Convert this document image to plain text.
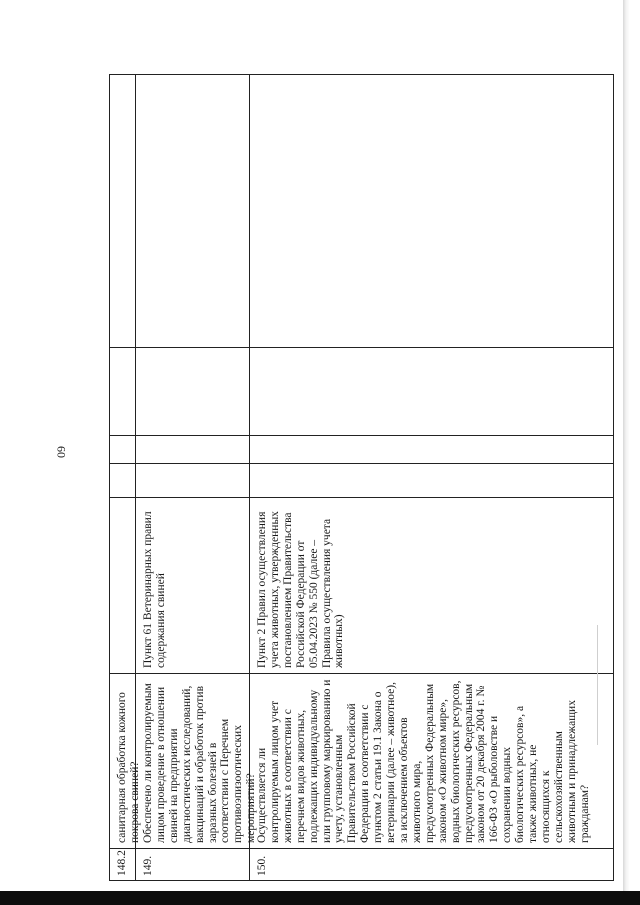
148.2

санитарная обработка кожного покрова свиней?

149.

Обеспечено ли контролируемым лицом проведение в отношении свиней на предприятии диагностических исследований, вакцинаций и обработок против заразных болезней в соответствии с Перечнем противоэпизоотических мероприятий?

Пункт 61 Ветеринарных правил содержания свиней
150.

Осуществляется ли контролируемым лицом учет животных в соответствии с перечнем видов животных, подлежащих индивидуальному или групповому маркированию и учету, установленным Правительством Российской Федерации в соответствии с пунктом 2 статьи 19.1 Закона о ветеринарии (далее – животное), за исключением объектов животного мира, предусмотренных Федеральным законом «О животном мире», водных биологических ресурсов, предусмотренных Федеральным законом от 20 декабря 2004 г. № 166-ФЗ «О рыболовстве и сохранении водных биологических ресурсов», а также животных, не относящихся к сельскохозяйственным животным и принадлежащих гражданам?

Пункт 2 Правил осуществления учета животных, утвержденных постановлением Правительства Российской Федерации от 05.04.2023 № 550 (далее – Правила осуществления учета животных)
60
